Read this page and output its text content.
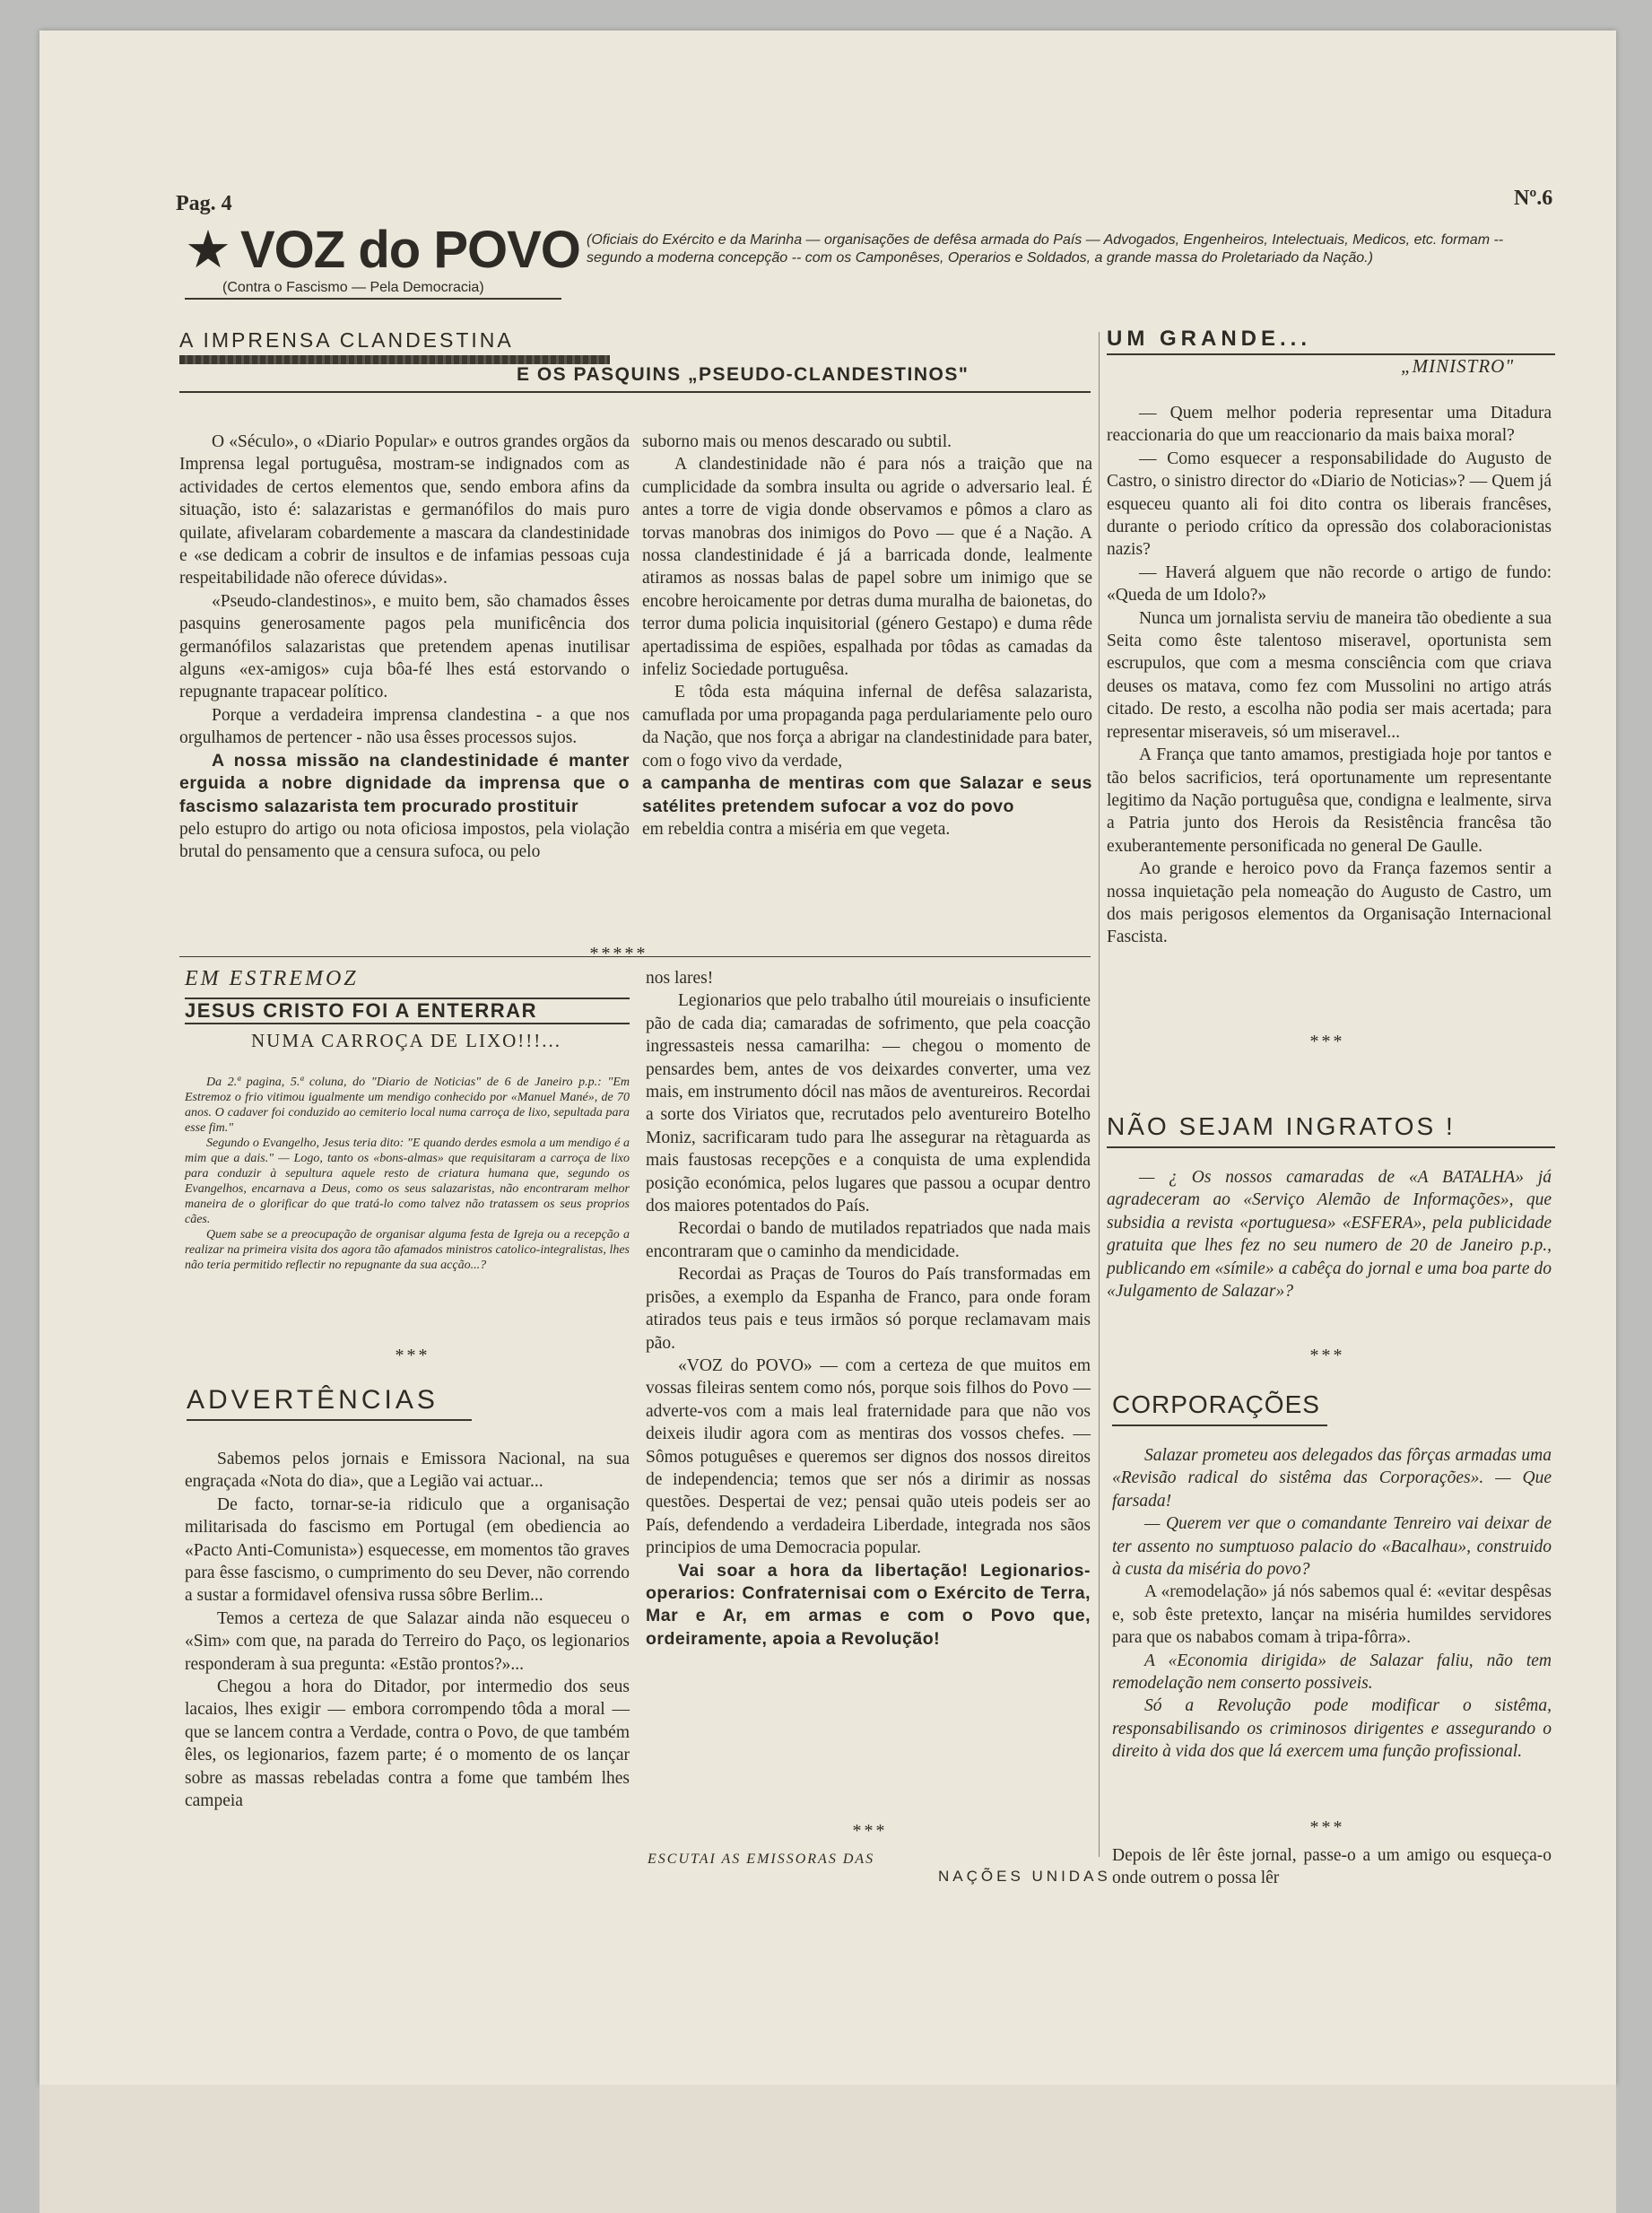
Pag. 4	Nº.6
★ VOZ do POVO
(Contra o Fascismo — Pela Democracia)
(Oficiais do Exército e da Marinha — organisações de defêsa armada do País — Advogados, Engenheiros, Intelectuais, Medicos, etc. formam -- segundo a moderna concepção -- com os Camponêses, Operarios e Soldados, a grande massa do Proletariado da Nação.)
A IMPRENSA CLANDESTINA
E OS PASQUINS „PSEUDO-CLANDESTINOS"

O «Século», o «Diario Popular» e outros grandes orgãos da Imprensa legal portuguêsa, mostram-se indignados com as actividades de certos elementos que, sendo embora afins da situação, isto é: salazaristas e germanófilos do mais puro quilate, afivelaram cobardemente a mascara da clandestinidade e «se dedicam a cobrir de insultos e de infamias pessoas cuja respeitabilidade não oferece dúvidas».

«Pseudo-clandestinos», e muito bem, são chamados êsses pasquins generosamente pagos pela munificência dos germanófilos salazaristas que pretendem apenas inutilisar alguns «ex-amigos» cuja bôa-fé lhes está estorvando o repugnante trapacear político.

Porque a verdadeira imprensa clandestina - a que nos orgulhamos de pertencer - não usa êsses processos sujos.

A nossa missão na clandestinidade é manter erguida a nobre dignidade da imprensa que o fascismo salazarista tem procurado prostituir

pelo estupro do artigo ou nota oficiosa impostos, pela violação brutal do pensamento que a censura sufoca, ou pelo

suborno mais ou menos descarado ou subtil.

A clandestinidade não é para nós a traição que na cumplicidade da sombra insulta ou agride o adversario leal. É antes a torre de vigia donde observamos e pômos a claro as torvas manobras dos inimigos do Povo — que é a Nação. A nossa clandestinidade é já a barricada donde, lealmente atiramos as nossas balas de papel sobre um inimigo que se encobre heroicamente por detras duma muralha de baionetas, do terror duma policia inquisitorial (género Gestapo) e duma rêde apertadissima de espiões, espalhada por tôdas as camadas da infeliz Sociedade portuguêsa.

E tôda esta máquina infernal de defêsa salazarista, camuflada por uma propaganda paga perdulariamente pelo ouro da Nação, que nos força a abrigar na clandestinidade para bater, com o fogo vivo da verdade,

a campanha de mentiras com que Salazar e seus satélites pretendem sufocar a voz do povo

em rebeldia contra a miséria em que vegeta.

*****
EM ESTREMOZ
JESUS CRISTO FOI A ENTERRAR
NUMA CARROÇA DE LIXO!!!...

Da 2.ª pagina, 5.ª coluna, do "Diario de Noticias" de 6 de Janeiro p.p.: "Em Estremoz o frio vitimou igualmente um mendigo conhecido por «Manuel Mané», de 70 anos. O cadaver foi conduzido ao cemiterio local numa carroça de lixo, sepultada para esse fim."

Segundo o Evangelho, Jesus teria dito: "E quando derdes esmola a um mendigo é a mim que a dais." — Logo, tanto os «bons-almas» que requisitaram a carroça de lixo para conduzir à sepultura aquele resto de criatura humana que, segundo os Evangelhos, encarnava a Deus, como os seus salazaristas, não encontraram melhor maneira de o glorificar do que tratá-lo como talvez não tratassem os seus proprios cães.

Quem sabe se a preocupação de organisar alguma festa de Igreja ou a recepção a realizar na primeira visita dos agora tão afamados ministros catolico-integralistas, lhes não teria permitido reflectir no repugnante da sua acção...?

***
ADVERTÊNCIAS

Sabemos pelos jornais e Emissora Nacional, na sua engraçada «Nota do dia», que a Legião vai actuar...

De facto, tornar-se-ia ridiculo que a organisação militarisada do fascismo em Portugal (em obediencia ao «Pacto Anti-Comunista») esquecesse, em momentos tão graves para êsse fascismo, o cumprimento do seu Dever, não correndo a sustar a formidavel ofensiva russa sôbre Berlim...

Temos a certeza de que Salazar ainda não esqueceu o «Sim» com que, na parada do Terreiro do Paço, os legionarios responderam à sua pregunta: «Estão prontos?»...

Chegou a hora do Ditador, por intermedio dos seus lacaios, lhes exigir — embora corrompendo tôda a moral — que se lancem contra a Verdade, contra o Povo, de que também êles, os legionarios, fazem parte; é o momento de os lançar sobre as massas rebeladas contra a fome que também lhes campeia

nos lares!

Legionarios que pelo trabalho útil moureiais o insuficiente pão de cada dia; camaradas de sofrimento, que pela coacção ingressasteis nessa camarilha: — chegou o momento de pensardes bem, antes de vos deixardes converter, uma vez mais, em instrumento dócil nas mãos de aventureiros. Recordai a sorte dos Viriatos que, recrutados pelo aventureiro Botelho Moniz, sacrificaram tudo para lhe assegurar na rètaguarda as mais faustosas recepções e a conquista de uma explendida posição económica, pelos lugares que passou a ocupar dentro dos maiores potentados do País.

Recordai o bando de mutilados repatriados que nada mais encontraram que o caminho da mendicidade.

Recordai as Praças de Touros do País transformadas em prisões, a exemplo da Espanha de Franco, para onde foram atirados teus pais e teus irmãos só porque reclamavam mais pão.

«VOZ do POVO» — com a certeza de que muitos em vossas fileiras sentem como nós, porque sois filhos do Povo — adverte-vos com a mais leal fraternidade para que não vos deixeis iludir agora com as mentiras dos vossos chefes. — Sômos potuguêses e queremos ser dignos dos nossos direitos de independencia; temos que ser nós a dirimir as nossas questões. Despertai de vez; pensai quão uteis podeis ser ao País, defendendo a verdadeira Liberdade, integrada nos sãos principios de uma Democracia popular.

Vai soar a hora da libertação! Legionarios-operarios: Confraternisai com o Exército de Terra, Mar e Ar, em armas e com o Povo que, ordeiramente, apoia a Revolução!

***
ESCUTAI AS EMISSORAS DAS
NAÇÕES UNIDAS
UM GRANDE...
„MINISTRO"

— Quem melhor poderia representar uma Ditadura reaccionaria do que um reaccionario da mais baixa moral?

— Como esquecer a responsabilidade do Augusto de Castro, o sinistro director do «Diario de Noticias»? — Quem já esqueceu quanto ali foi dito contra os liberais francêses, durante o periodo crítico da opressão dos colaboracionistas nazis?

— Haverá alguem que não recorde o artigo de fundo: «Queda de um Idolo?»

Nunca um jornalista serviu de maneira tão obediente a sua Seita como êste talentoso miseravel, oportunista sem escrupulos, que com a mesma consciência com que criava deuses os matava, como fez com Mussolini no artigo atrás citado. De resto, a escolha não podia ser mais acertada; para representar miseraveis, só um miseravel...

A França que tanto amamos, prestigiada hoje por tantos e tão belos sacrificios, terá oportunamente um representante legitimo da Nação portuguêsa que, condigna e lealmente, sirva a Patria junto dos Herois da Resistência francêsa tão exuberantemente personificada no general De Gaulle.

Ao grande e heroico povo da França fazemos sentir a nossa inquietação pela nomeação do Augusto de Castro, um dos mais perigosos elementos da Organisação Internacional Fascista.

***
NÃO SEJAM INGRATOS !

— ¿ Os nossos camaradas de «A BATALHA» já agradeceram ao «Serviço Alemão de Informações», que subsidia a revista «portuguesa» «ESFERA», pela publicidade gratuita que lhes fez no seu numero de 20 de Janeiro p.p., publicando em «símile» a cabêça do jornal e uma boa parte do «Julgamento de Salazar»?

***
CORPORAÇÕES

Salazar prometeu aos delegados das fôrças armadas uma «Revisão radical do sistêma das Corporações». — Que farsada!

— Querem ver que o comandante Tenreiro vai deixar de ter assento no sumptuoso palacio do «Bacalhau», construido à custa da miséria do povo?

A «remodelação» já nós sabemos qual é: «evitar despêsas e, sob êste pretexto, lançar na miséria humildes servidores para que os nababos comam à tripa-fôrra».

A «Economia dirigida» de Salazar faliu, não tem remodelação nem conserto possiveis.

Só a Revolução pode modificar o sistêma, responsabilisando os criminosos dirigentes e assegurando o direito à vida dos que lá exercem uma função profissional.

***
Depois de lêr êste jornal, passe-o a um amigo ou esqueça-o onde outrem o possa lêr
